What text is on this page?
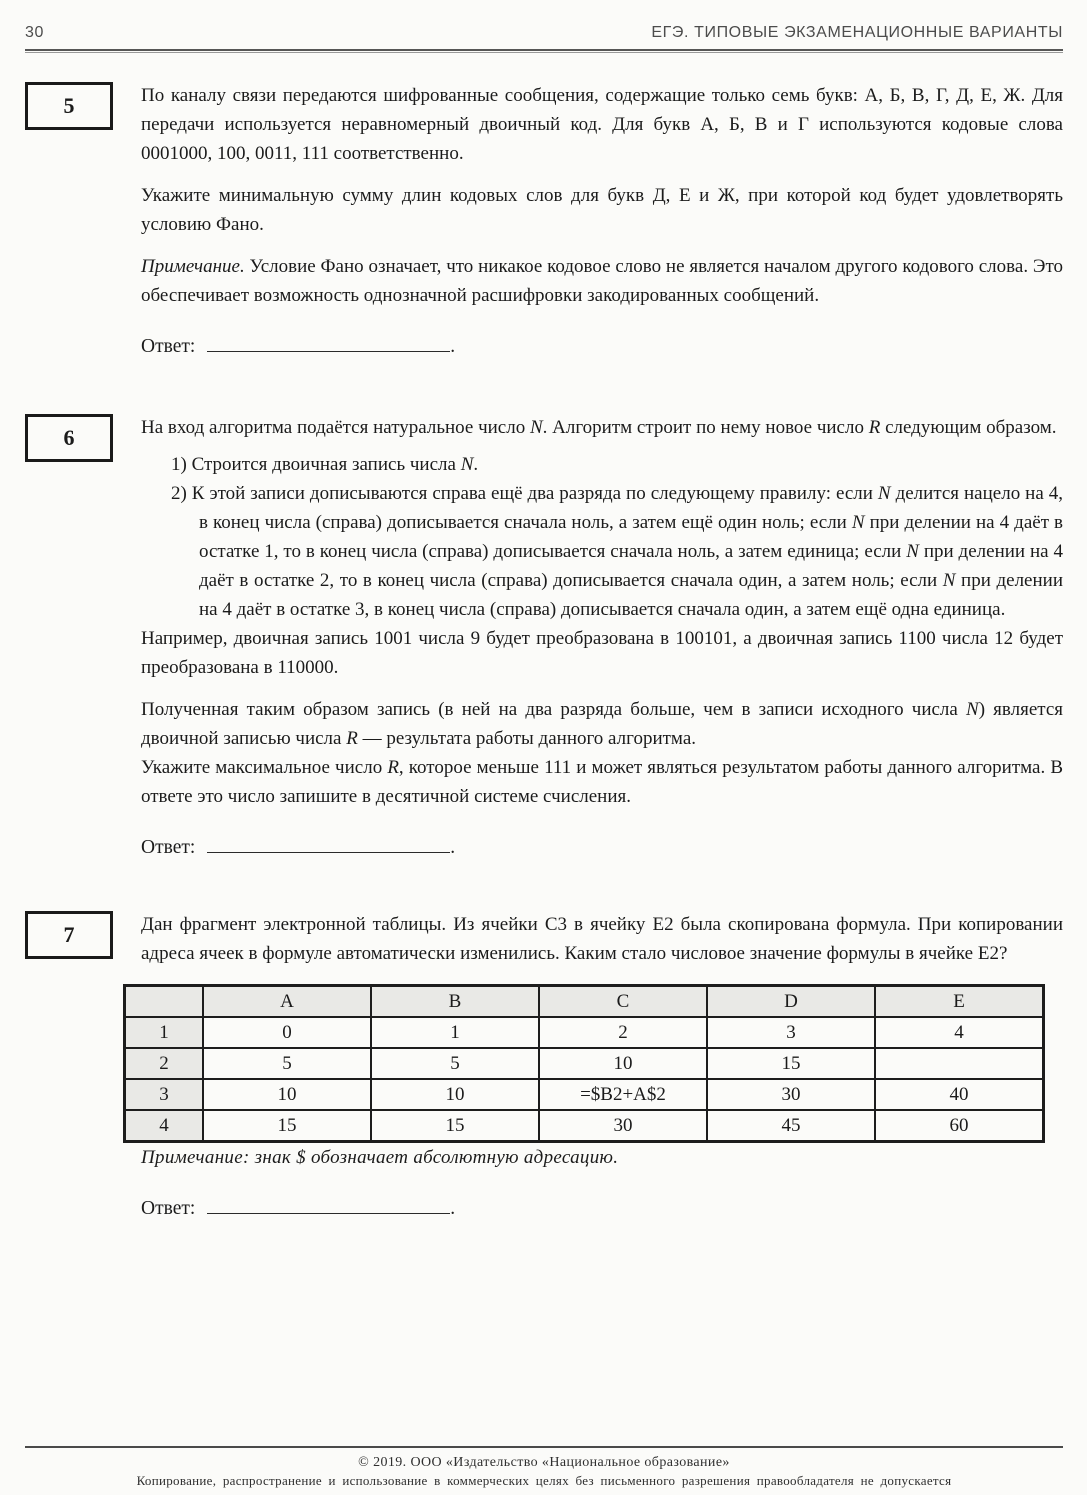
30	ЕГЭ. ТИПОВЫЕ ЭКЗАМЕНАЦИОННЫЕ ВАРИАНТЫ
5	По каналу связи передаются шифрованные сообщения, содержащие только семь букв: А, Б, В, Г, Д, Е, Ж. Для передачи используется неравномерный двоичный код. Для букв А, Б, В и Г используются кодовые слова 0001000, 100, 0011, 111 соответственно.

Укажите минимальную сумму длин кодовых слов для букв Д, Е и Ж, при которой код будет удовлетворять условию Фано.

Примечание. Условие Фано означает, что никакое кодовое слово не является началом другого кодового слова. Это обеспечивает возможность однозначной расшифровки закодированных сообщений.

Ответ:	.
6	На вход алгоритма подаётся натуральное число N. Алгоритм строит по нему новое число R следующим образом.

1) Строится двоичная запись числа N.

2) К этой записи дописываются справа ещё два разряда по следующему правилу: если N делится нацело на 4, в конец числа (справа) дописывается сначала ноль, а затем ещё один ноль; если N при делении на 4 даёт в остатке 1, то в конец числа (справа) дописывается сначала ноль, а затем единица; если N при делении на 4 даёт в остатке 2, то в конец числа (справа) дописывается сначала один, а затем ноль; если N при делении на 4 даёт в остатке 3, в конец числа (справа) дописывается сначала один, а затем ещё одна единица.

Например, двоичная запись 1001 числа 9 будет преобразована в 100101, а двоичная запись 1100 числа 12 будет преобразована в 110000.

Полученная таким образом запись (в ней на два разряда больше, чем в записи исходного числа N) является двоичной записью числа R — результата работы данного алгоритма.

Укажите максимальное число R, которое меньше 111 и может являться результатом работы данного алгоритма. В ответе это число запишите в десятичной системе счисления.

Ответ:	.
7	Дан фрагмент электронной таблицы. Из ячейки C3 в ячейку E2 была скопирована формула. При копировании адреса ячеек в формуле автоматически изменились. Каким стало числовое значение формулы в ячейке E2?

	A	B	C	D	E
1	0	1	2	3	4
2	5	5	10	15	
3	10	10	=$B2+A$2	30	40
4	15	15	30	45	60

Примечание: знак $ обозначает абсолютную адресацию.

Ответ:	.
© 2019. ООО «Издательство «Национальное образование»
Копирование, распространение и использование в коммерческих целях без письменного разрешения правообладателя не допускается
